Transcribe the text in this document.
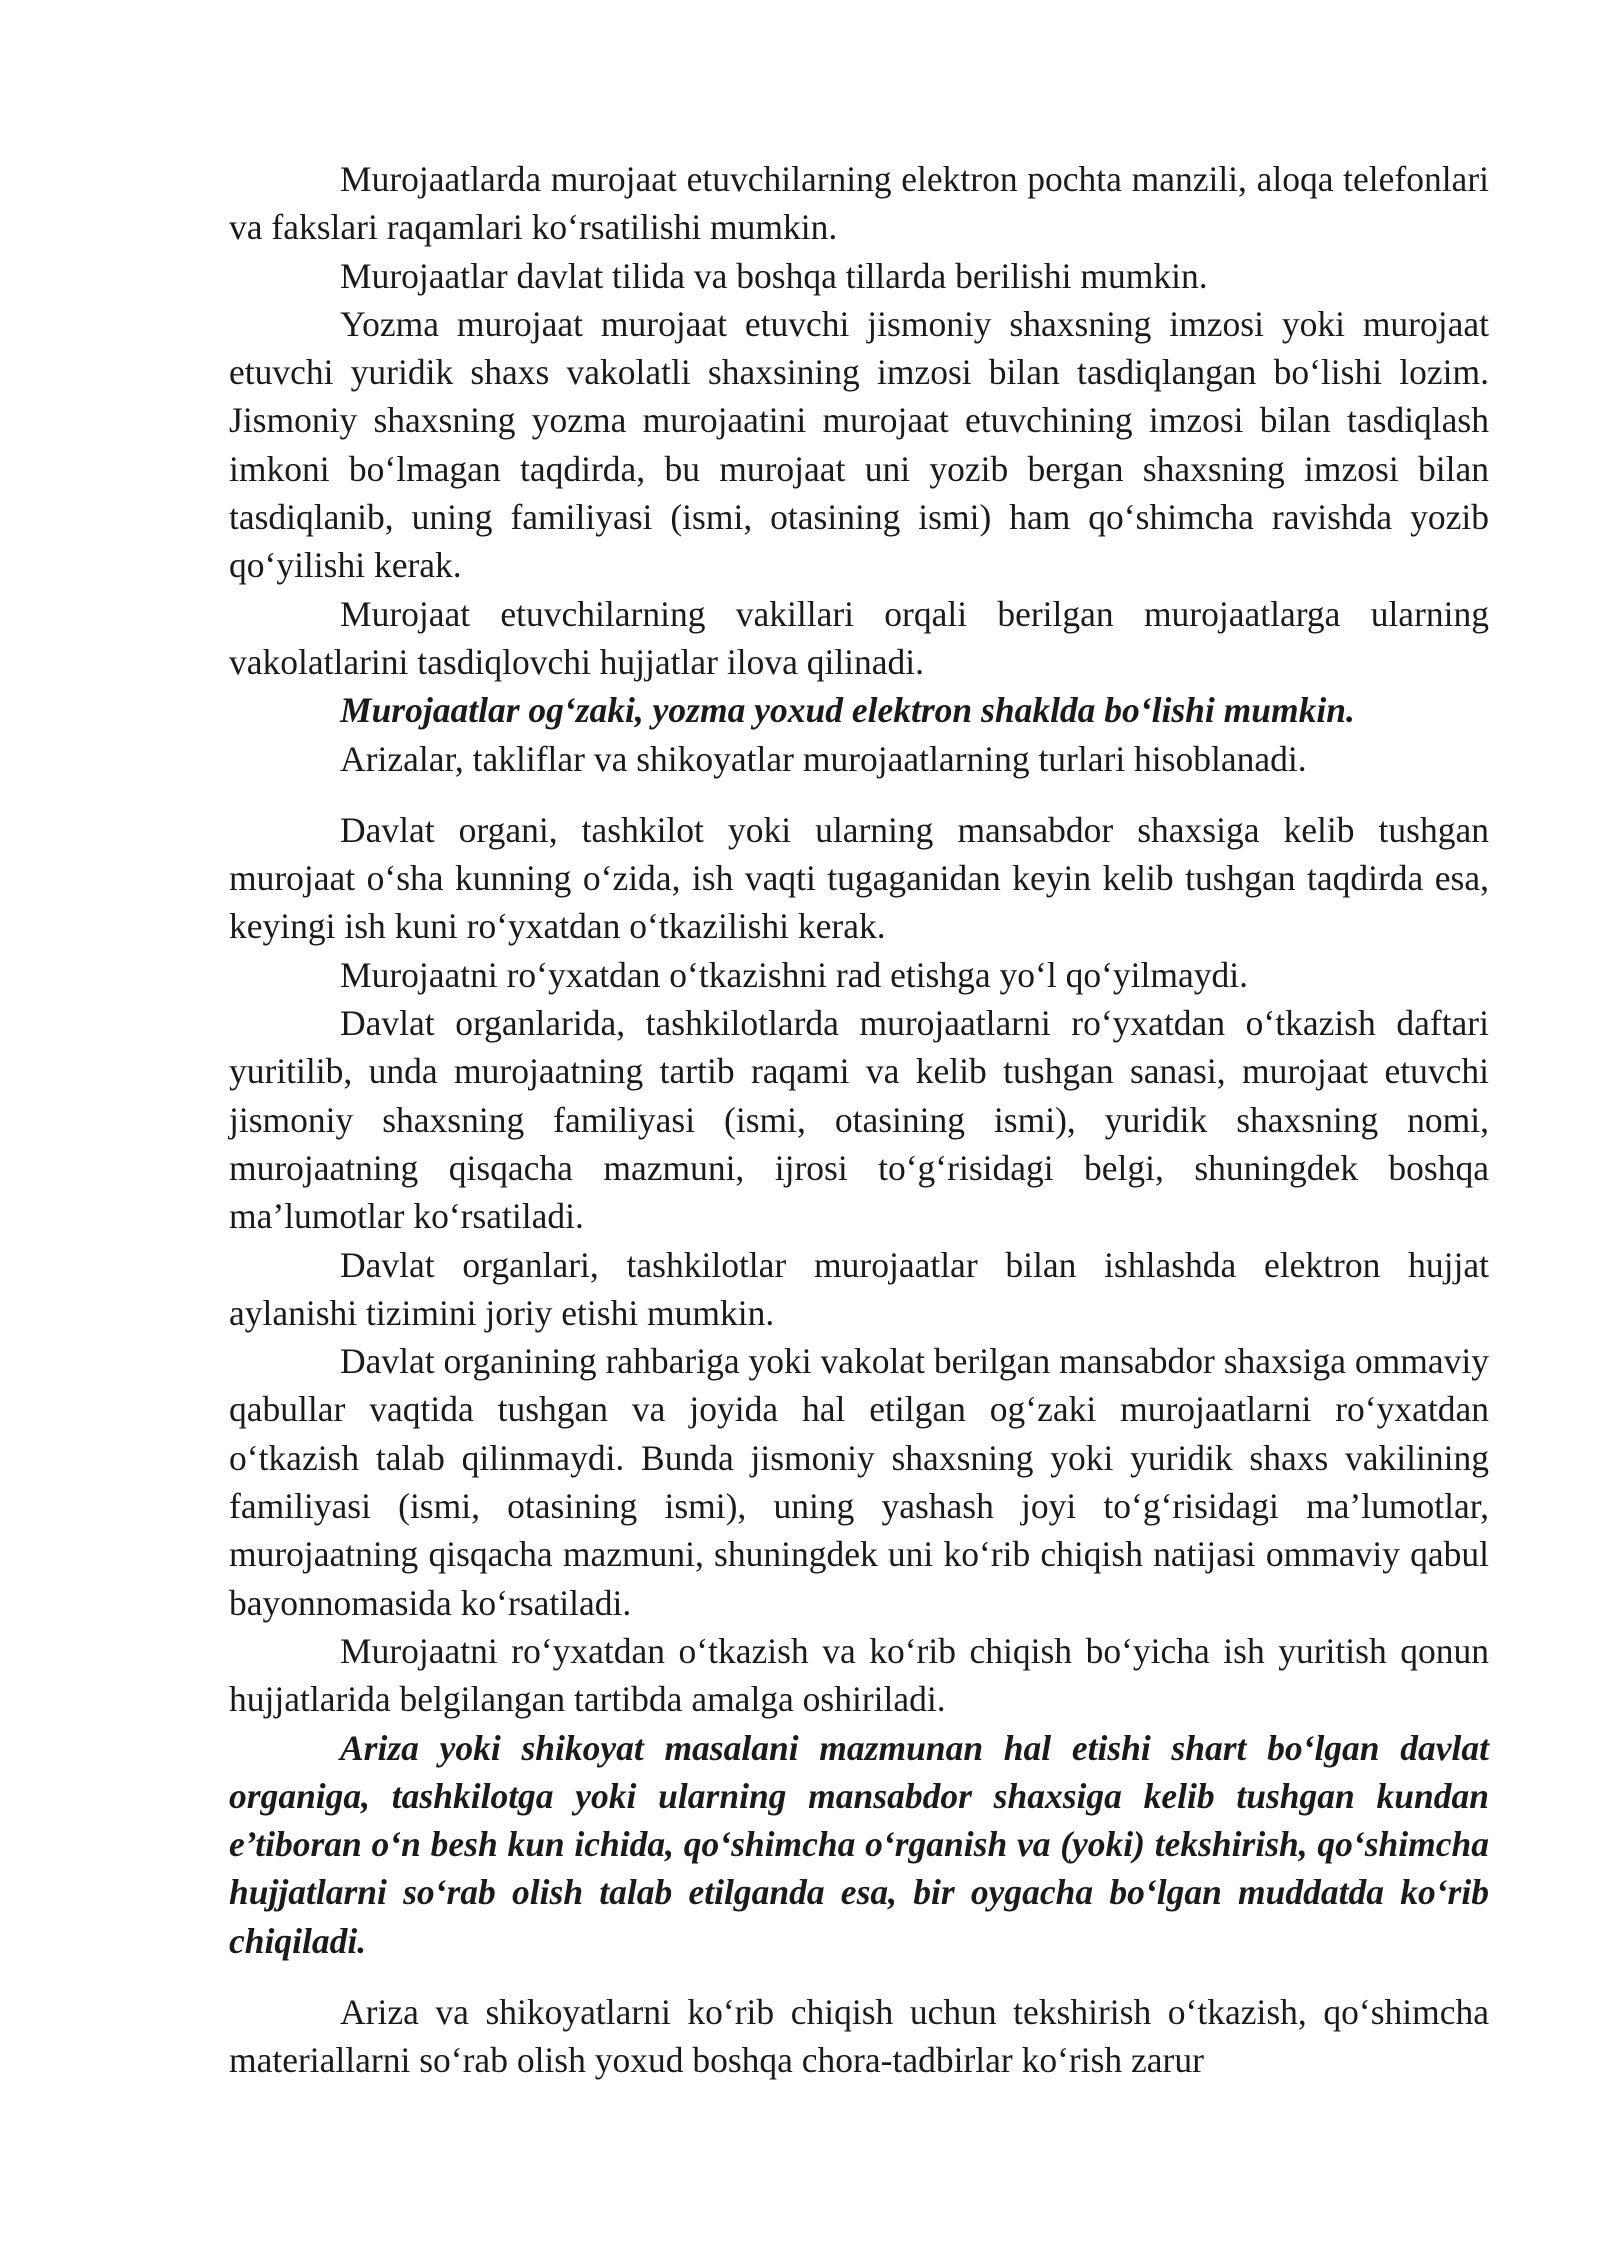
Murojaatlarda murojaat etuvchilarning elektron pochta manzili, aloqa telefonlari va fakslari raqamlari ko‘rsatilishi mumkin.

Murojaatlar davlat tilida va boshqa tillarda berilishi mumkin.

Yozma murojaat murojaat etuvchi jismoniy shaxsning imzosi yoki murojaat etuvchi yuridik shaxs vakolatli shaxsining imzosi bilan tasdiqlangan bo‘lishi lozim. Jismoniy shaxsning yozma murojaatini murojaat etuvchining imzosi bilan tasdiqlash imkoni bo‘lmagan taqdirda, bu murojaat uni yozib bergan shaxsning imzosi bilan tasdiqlanib, uning familiyasi (ismi, otasining ismi) ham qo‘shimcha ravishda yozib qo‘yilishi kerak.

Murojaat etuvchilarning vakillari orqali berilgan murojaatlarga ularning vakolatlarini tasdiqlovchi hujjatlar ilova qilinadi.

Murojaatlar og‘zaki, yozma yoxud elektron shaklda bo‘lishi mumkin.

Arizalar, takliflar va shikoyatlar murojaatlarning turlari hisoblanadi.

Davlat organi, tashkilot yoki ularning mansabdor shaxsiga kelib tushgan murojaat o‘sha kunning o‘zida, ish vaqti tugaganidan keyin kelib tushgan taqdirda esa, keyingi ish kuni ro‘yxatdan o‘tkazilishi kerak.

Murojaatni ro‘yxatdan o‘tkazishni rad etishga yo‘l qo‘yilmaydi.

Davlat organlarida, tashkilotlarda murojaatlarni ro‘yxatdan o‘tkazish daftari yuritilib, unda murojaatning tartib raqami va kelib tushgan sanasi, murojaat etuvchi jismoniy shaxsning familiyasi (ismi, otasining ismi), yuridik shaxsning nomi, murojaatning qisqacha mazmuni, ijrosi to‘g‘risidagi belgi, shuningdek boshqa ma’lumotlar ko‘rsatiladi.

Davlat organlari, tashkilotlar murojaatlar bilan ishlashda elektron hujjat aylanishi tizimini joriy etishi mumkin.

Davlat organining rahbariga yoki vakolat berilgan mansabdor shaxsiga ommaviy qabullar vaqtida tushgan va joyida hal etilgan og‘zaki murojaatlarni ro‘yxatdan o‘tkazish talab qilinmaydi. Bunda jismoniy shaxsning yoki yuridik shaxs vakilining familiyasi (ismi, otasining ismi), uning yashash joyi to‘g‘risidagi ma’lumotlar, murojaatning qisqacha mazmuni, shuningdek uni ko‘rib chiqish natijasi ommaviy qabul bayonnomasida ko‘rsatiladi.

Murojaatni ro‘yxatdan o‘tkazish va ko‘rib chiqish bo‘yicha ish yuritish qonun hujjatlarida belgilangan tartibda amalga oshiriladi.

Ariza yoki shikoyat masalani mazmunan hal etishi shart bo‘lgan davlat organiga, tashkilotga yoki ularning mansabdor shaxsiga kelib tushgan kundan e’tiboran o‘n besh kun ichida, qo‘shimcha o‘rganish va (yoki) tekshirish, qo‘shimcha hujjatlarni so‘rab olish talab etilganda esa, bir oygacha bo‘lgan muddatda ko‘rib chiqiladi.

Ariza va shikoyatlarni ko‘rib chiqish uchun tekshirish o‘tkazish, qo‘shimcha materiallarni so‘rab olish yoxud boshqa chora-tadbirlar ko‘rish zarur
